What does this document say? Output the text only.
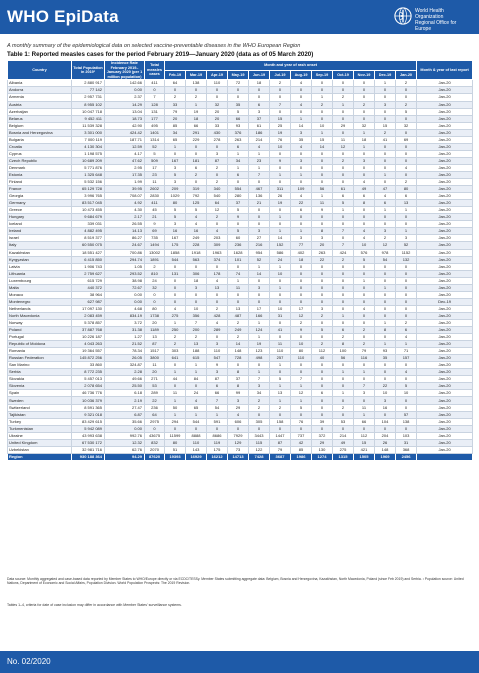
WHO EpiData	World Health
Organization
Regional Office for
Europe
A monthly summary of the epidemiological data on selected vaccine-preventable diseases in the WHO European Region
Table 1: Reported measles cases for the period February 2019—January 2020 (data as of 05 March 2020)
Country	Total Population in 2019¹	Incidence Rate February 2019–January 2020 (per 1 million population)	Total measles cases	Month and year of rash onset												Month & year of last report
				Feb-19	Mar-19	Apr-19	May-19	Jun-19	Jul-19	Aug-19	Sep-19	Oct-19	Nov-19	Dec-19	Jan-20	
Albania	2 880 917	142.66	411	64	138	110	72	18	2	4	0	0	0	1	2	Jan-20
Andorra	77 142	0.00	0	0	0	0	0	0	0	0	0	0	0	0	0	Jan-20
Armenia	2 957 731	2.37	7	2	2	0	0	0	0	0	1	2	0	0	0	Jan-20
Austria	8 955 102	14.29	128	33	1	32	35	6	7	4	2	1	2	3	2	Jan-20
Azerbaijan	10 047 718	13.04	131	79	19	20	5	3	0	0	0	0	0	0	5	Jan-20
Belarus	9 452 411	18.73	177	20	18	20	66	37	15	1	0	0	0	0	0	Jan-20
Belgium	11 539 328	42.90	495	85	66	33	93	61	25	14	10	29	32	15	32	Jan-20
Bosnia and Herzegovina	3 301 000	424.42	1401	34	291	430	376	186	19	3	1	0	1	2	0	Jan-20
Bulgaria	7 000 119	187.71	1314	65	229	278	263	214	76	35	15	11	18	41	69	Jan-20
Croatia	4 130 304	12.59	52	1	0	0	6	4	10	4	14	12	1	0	0	Jan-20
Cyprus	1 198 575	4.17	5	0	0	3	1	1	0	0	0	0	0	0	0	Jan-20
Czech Republic	10 689 209	47.62	509	167	181	87	34	23	9	3	0	2	3	0	0	Jan-20
Denmark	5 771 876	2.95	17	3	6	2	1	1	0	0	0	0	0	0	4	Jan-20
Estonia	1 325 648	17.35	23	5	2	0	6	7	1	1	0	0	0	1	0	Jan-20
Finland	5 532 156	1.99	11	3	0	2	0	0	0	0	0	0	4	0	2	Jan-20
France	65 129 728	39.95	2602	209	319	340	554	467	311	109	56	61	49	47	80	Jan-20
Georgia	3 996 765	708.07	2830	1029	792	540	280	136	26	4	1	6	6	4	6	Jan-20
Germany	83 517 045	4.92	411	80	125	64	37	21	19	22	11	5	8	6	13	Jan-20
Greece	10 473 455	4.30	45	5	5	12	5	0	0	6	9	1	0	1	1	Jan-20
Hungary	9 684 679	2.17	21	5	4	2	9	0	1	0	0	0	0	0	0	Jan-20
Iceland	339 031	26.55	9	3	4	0	0	0	0	0	0	0	0	0	0	Jan-20
Ireland	4 882 495	14.13	69	16	16	4	5	3	1	1	8	7	4	3	1	Jan-20
Israel	8 519 377	86.27	735	167	249	203	60	27	14	3	3	0	4	2	3	Jan-20
Italy	60 550 075	24.67	1494	175	228	309	236	216	152	77	20	7	10	12	52	Jan-20
Kazakhstan	18 551 427	700.86	13002	1858	1918	1963	1628	954	586	402	263	424	576	978	1152	Jan-20
Kyrgyzstan	6 415 850	294.74	1891	544	563	374	101	52	24	18	22	2	5	54	132	Jan-20
Latvia	1 906 743	1.05	2	0	0	0	0	1	1	0	0	0	0	0	0	Jan-20
Lithuania	2 759 627	293.52	810	131	306	178	74	14	10	0	0	0	0	0	0	Jan-20
Luxembourg	615 729	38.98	24	0	18	4	1	0	0	0	0	0	1	0	0	Jan-20
Malta	440 372	72.67	32	0	3	13	11	3	1	0	0	0	0	1	0	Jan-20
Monaco	38 964	0.00	0	0	0	0	0	0	0	0	0	0	0	0	0	Jan-20
Montenegro	627 987	0.00	0	0	0	0	0	0	0	0	0	0	0	0	0	Dec-19
Netherlands	17 097 130	4.68	80	4	10	2	13	17	10	17	3	0	4	0	0	Jan-20
North Macedonia	2 083 459	834.19	1738	275	356	428	487	166	31	12	2	1	0	0	0	Jan-20
Norway	5 378 857	3.72	20	1	7	4	2	1	0	2	0	0	0	1	2	Jan-20
Poland	37 887 768	31.38	1189	250	200	289	249	124	41	9	5	6	2	8	6	Jan-20
Portugal	10 226 187	1.27	13	2	2	0	2	1	0	0	0	2	0	0	4	Jan-20
Republic of Moldova	4 043 263	21.52	87	2	13	3	14	19	11	10	2	8	2	1	1	Jan-20
Romania	19 364 557	78.34	1517	303	188	110	148	123	110	80	112	100	79	93	71	Jan-20
Russian Federation	145 872 256	26.05	3800	641	615	547	728	498	257	110	40	56	116	35	157	Jan-20
San Marino	33 860	324.87	11	0	1	9	0	0	1	0	0	0	0	0	0	Jan-20
Serbia	8 772 235	2.28	20	1	1	3	8	1	0	0	0	1	1	0	4	Jan-20
Slovakia	5 457 013	49.66	271	44	84	87	37	7	5	7	0	0	0	0	0	Jan-20
Slovenia	2 078 654	25.50	53	0	0	6	8	3	1	1	0	0	7	22	5	Jan-20
Spain	46 736 776	6.18	289	11	24	66	99	34	13	12	6	1	3	10	10	Jan-20
Sweden	10 036 379	2.19	22	1	4	7	3	2	1	1	0	0	0	3	0	Jan-20
Switzerland	8 591 365	27.47	236	50	65	54	29	2	2	5	0	2	11	16	0	Jan-20
Tajikistan	9 321 018	6.87	64	1	1	1	4	0	0	0	0	0	1	0	57	Jan-20
Turkey	83 429 615	35.66	2975	294	544	591	606	305	158	76	39	53	66	104	138	Jan-20
Turkmenistan	5 942 089	0.00	0	0	0	0	0	0	0	0	0	0	0	0	0	Jan-20
Ukraine	43 993 638	992.76	43675	11599	8888	8686	7929	3443	1447	737	372	214	112	204	103	Jan-20
United Kingdom	67 530 172	12.32	832	80	110	119	129	115	87	42	29	49	15	26	31	Jan-20
Uzbekistan	32 981 716	62.76	2070	51	143	175	73	122	79	85	130	275	421	148	368	Jan-20
Region	930 188 364	94.29	87620	19393	16929	16212	14713	7428	3687	1986	1274	1315	1505	1969	2456	
Data source: Monthly aggregated and case-based data reported by Member States to WHO/Europe directly or via ECDC/TESSy. Member States submitting aggregate data: Belgium, Bosnia and Herzegovina, Kazakhstan, North Macedonia, Poland (since Feb 2019) and Serbia. ¹ Population source: United Nations, Department of Economic and Social Affairs, Population Division. World Population Prospects: The 2019 Revision.
Tables 1–4, criteria for date of case inclusion may differ in accordance with Member States’ surveillance systems.
No. 02/2020
